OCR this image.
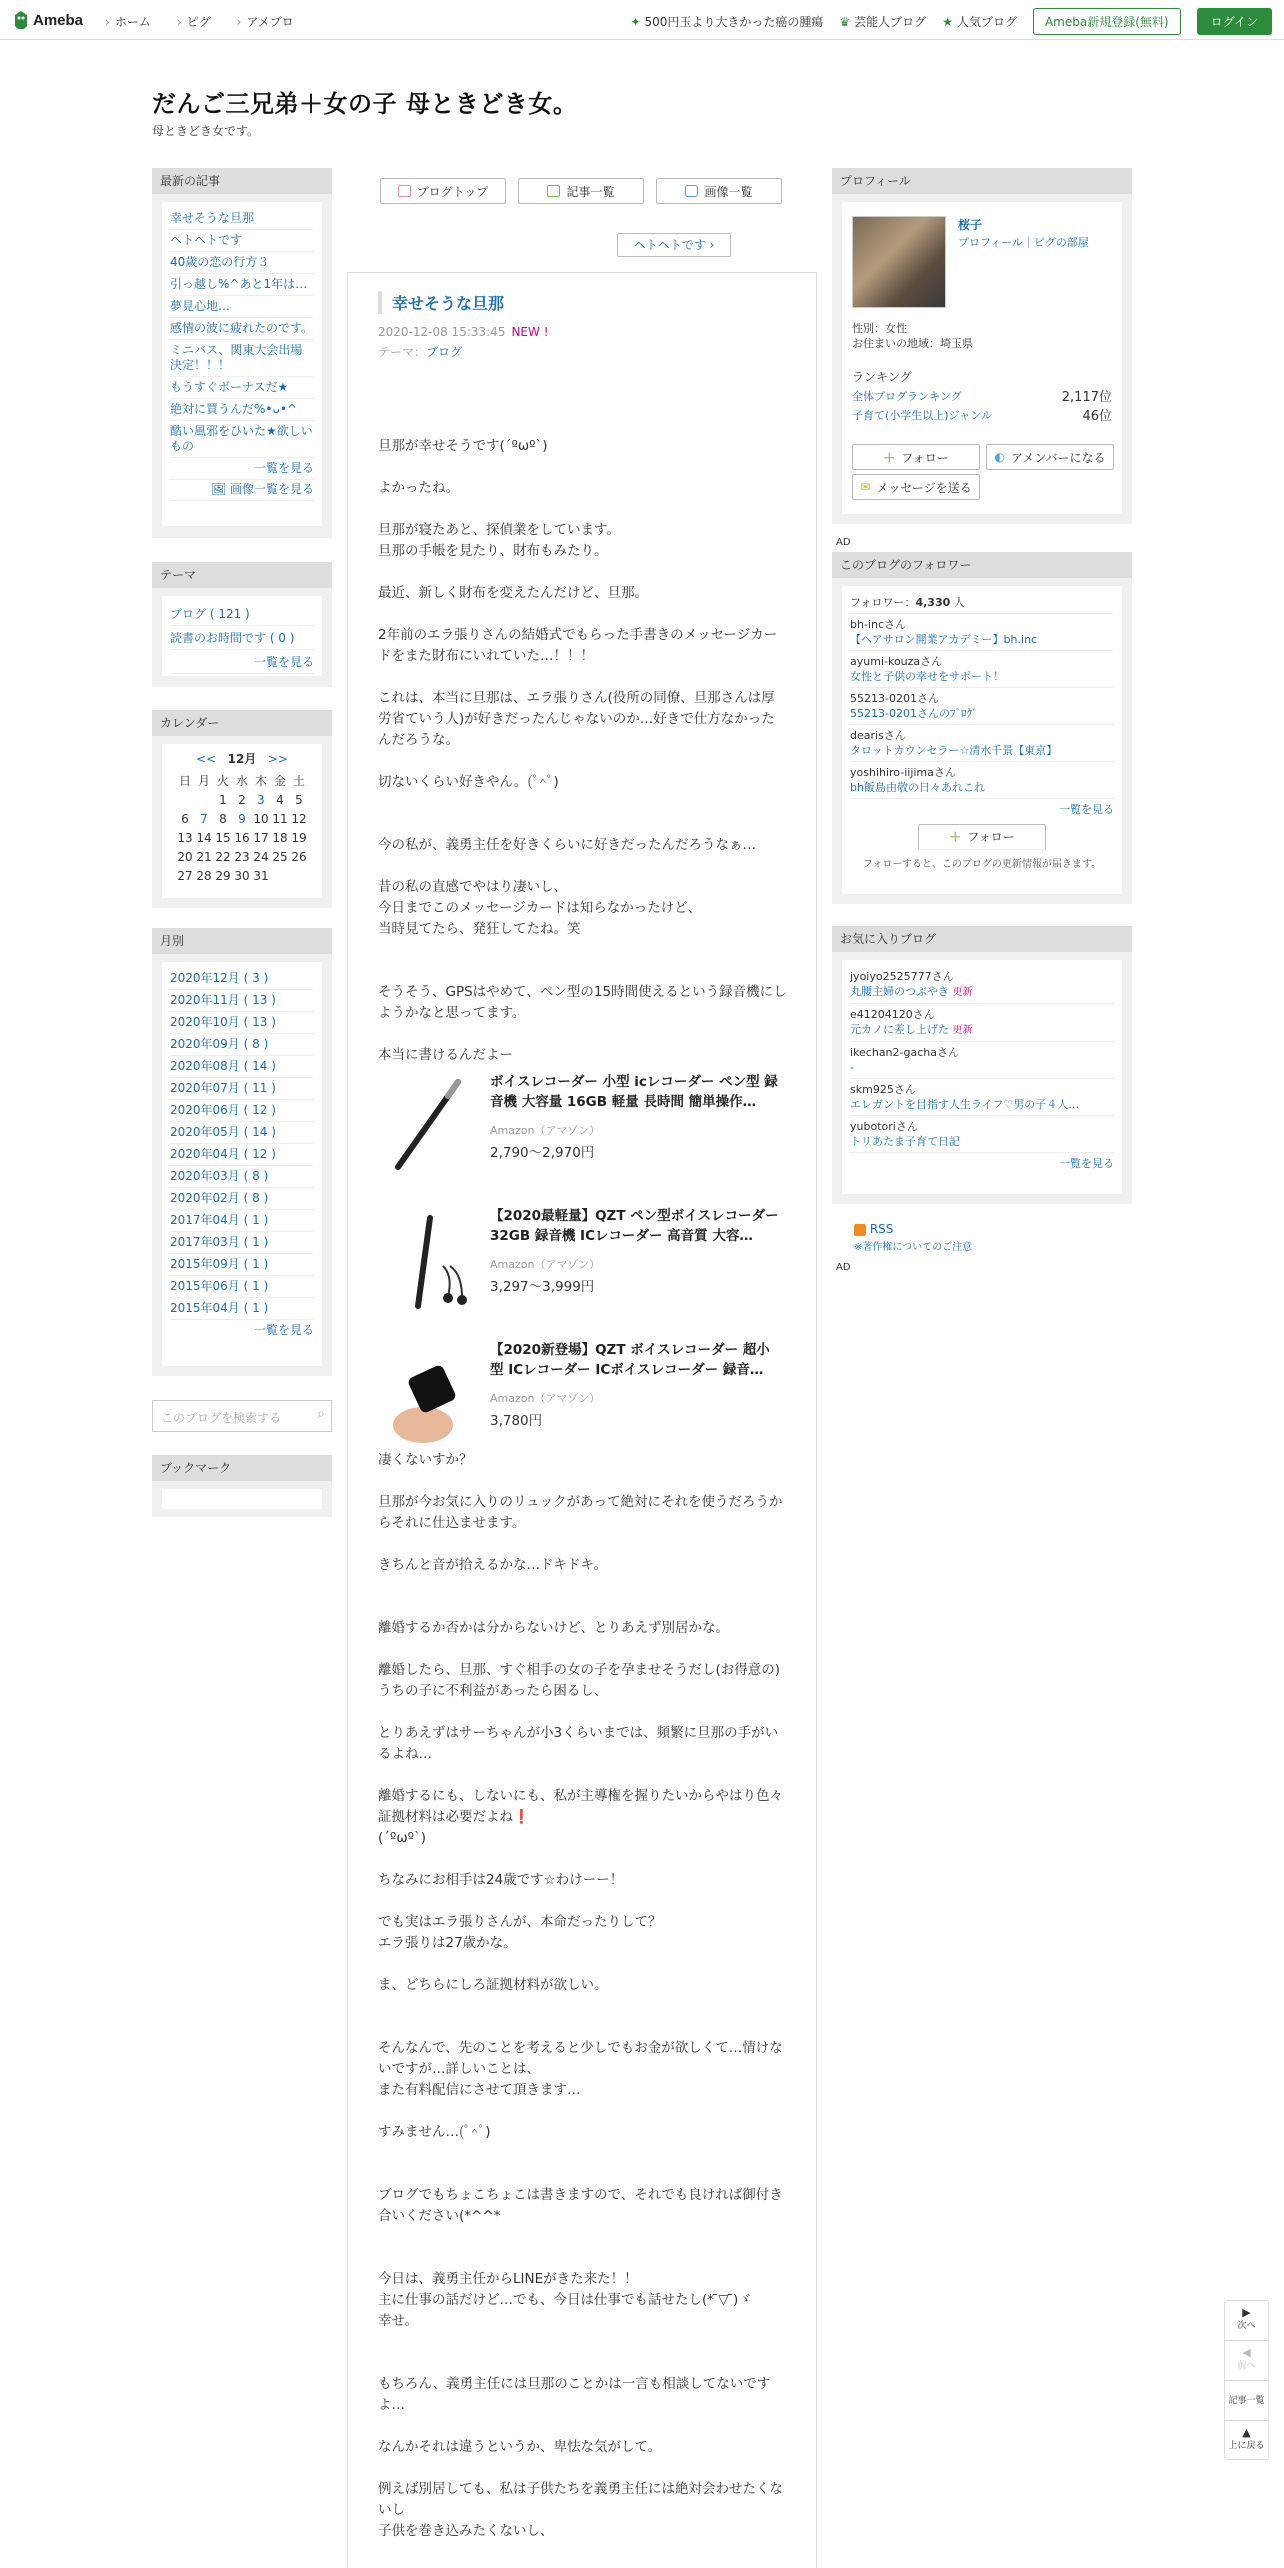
Ameba	› ホーム	› ピグ	› アメブロ	✦ 500円玉より大きかった癌の腫瘍 ♛ 芸能人ブログ ★ 人気ブログ	Ameba新規登録(無料)	ログイン
だんご三兄弟＋女の子 母ときどき女。
母ときどき女です。
最新の記事
幸せそうな旦那
ヘトヘトです
40歳の恋の行方３
引っ越し%^あと1年は…
夢見心地…
感情の波に疲れたのです。
ミニバス、関東大会出場決定！！！
もうすぐボーナスだ★
絶対に買うんだ%•ᴗ•^
酷い風邪をひいた★欲しいもの
一覧を見る
🖼 画像一覧を見る
テーマ
ブログ ( 121 )
読書のお時間です ( 0 )
一覧を見る
カレンダー
<< 12月 >>
日	月	火	水	木	金	土
		1	2	3	4	5
6	7	8	9	10	11	12
13	14	15	16	17	18	19
20	21	22	23	24	25	26
27	28	29	30	31		
月別
2020年12月 ( 3 )
2020年11月 ( 13 )
2020年10月 ( 13 )
2020年09月 ( 8 )
2020年08月 ( 14 )
2020年07月 ( 11 )
2020年06月 ( 12 )
2020年05月 ( 14 )
2020年04月 ( 12 )
2020年03月 ( 8 )
2020年02月 ( 8 )
2017年04月 ( 1 )
2017年03月 ( 1 )
2015年09月 ( 1 )
2015年06月 ( 1 )
2015年04月 ( 1 )
一覧を見る
このブログを検索する	⌕
ブックマーク
ブログトップ	記事一覧	画像一覧
ヘトヘトです ›
幸せそうな旦那
2020-12-08 15:33:45 NEW !
テーマ：ブログ

旦那が幸せそうです(´ºωº`)

よかったね。

旦那が寝たあと、探偵業をしています。

旦那の手帳を見たり、財布もみたり。

最近、新しく財布を変えたんだけど、旦那。

2年前のエラ張りさんの結婚式でもらった手書きのメッセージカードをまた財布にいれていた…！！！

これは、本当に旦那は、エラ張りさん(役所の同僚、旦那さんは厚労省ていう人)が好きだったんじゃないのか…好きで仕方なかったんだろうな。

切ないくらい好きやん。(ﾟ^ﾟ)

今の私が、義勇主任を好きくらいに好きだったんだろうなぁ…

昔の私の直感でやはり凄いし、

今日までこのメッセージカードは知らなかったけど、

当時見てたら、発狂してたね。笑

そうそう、GPSはやめて、ペン型の15時間使えるという録音機にしようかなと思ってます。

本当に書けるんだよー

ボイスレコーダー 小型 icレコーダー ペン型 録音機 大容量 16GB 軽量 長時間 簡単操作…
Amazon（アマゾン）
2,790〜2,970円
【2020最軽量】QZT ペン型ボイスレコーダー 32GB 録音機 ICレコーダー 高音質 大容…
Amazon（アマゾン）
3,297〜3,999円
【2020新登場】QZT ボイスレコーダー 超小型 ICレコーダー ICボイスレコーダー 録音…
Amazon（アマゾン）
3,780円

凄くないすか？

旦那が今お気に入りのリュックがあって絶対にそれを使うだろうからそれに仕込ませます。

きちんと音が拾えるかな…ドキドキ。

離婚するか否かは分からないけど、とりあえず別居かな。

離婚したら、旦那、すぐ相手の女の子を孕ませそうだし(お得意の)

うちの子に不利益があったら困るし、

とりあえずはサーちゃんが小3くらいまでは、頻繁に旦那の手がいるよね…

離婚するにも、しないにも、私が主導権を握りたいからやはり色々証拠材料は必要だよね❗️

(´ºωº`)

ちなみにお相手は24歳です☆わけーー！

でも実はエラ張りさんが、本命だったりして？

エラ張りは27歳かな。

ま、どちらにしろ証拠材料が欲しい。

そんなんで、先のことを考えると少しでもお金が欲しくて…情けないですが…詳しいことは、

また有料配信にさせて頂きます…

すみません…(ﾟ^ﾟ)

ブログでもちょこちょこは書きますので、それでも良ければ御付き合いください(*^^*

今日は、義勇主任からLINEがきた来た！！

主に仕事の話だけど…でも、今日は仕事でも話せたし(* ̄▽ ̄)ゞ

幸せ。

もちろん、義勇主任には旦那のことかは一言も相談してないですよ…

なんかそれは違うというか、卑怯な気がして。

例えば別居しても、私は子供たちを義勇主任には絶対会わせたくないし

子供を巻き込みたくないし、

プロフィール
桜子
プロフィール｜ピグの部屋
性別：女性
お住まいの地域：埼玉県
ランキング
全体ブログランキング	2,117位
子育て(小学生以上)ジャンル	46位
＋ フォロー	◐ アメンバーになる
✉ メッセージを送る
AD
このブログのフォロワー
フォロワー：4,330 人
bh-incさん
【ヘアサロン開業アカデミー】bh.inc
ayumi-kouzaさん
女性と子供の幸せをサポート！
55213-0201さん
55213-0201さんのﾌﾞﾛｸﾞ
dearisさん
タロットカウンセラー☆清水千景【東京】
yoshihiro-iijimaさん
bh飯島由敬の日々あれこれ
一覧を見る
＋ フォロー
フォローすると、このブログの更新情報が届きます。
お気に入りブログ
jyoiyo2525777さん
丸腰主婦のつぶやき 更新
e41204120さん
元カノに差し上げた 更新
ikechan2-gachaさん
-
skm925さん
エレガントを目指す人生ライフ♡男の子４人…
yubotoriさん
トリあたま子育て日記
一覧を見る
RSS
※著作権についてのご注意
AD
▶
次へ
◀
前へ
記事一覧
▲
上に戻る
